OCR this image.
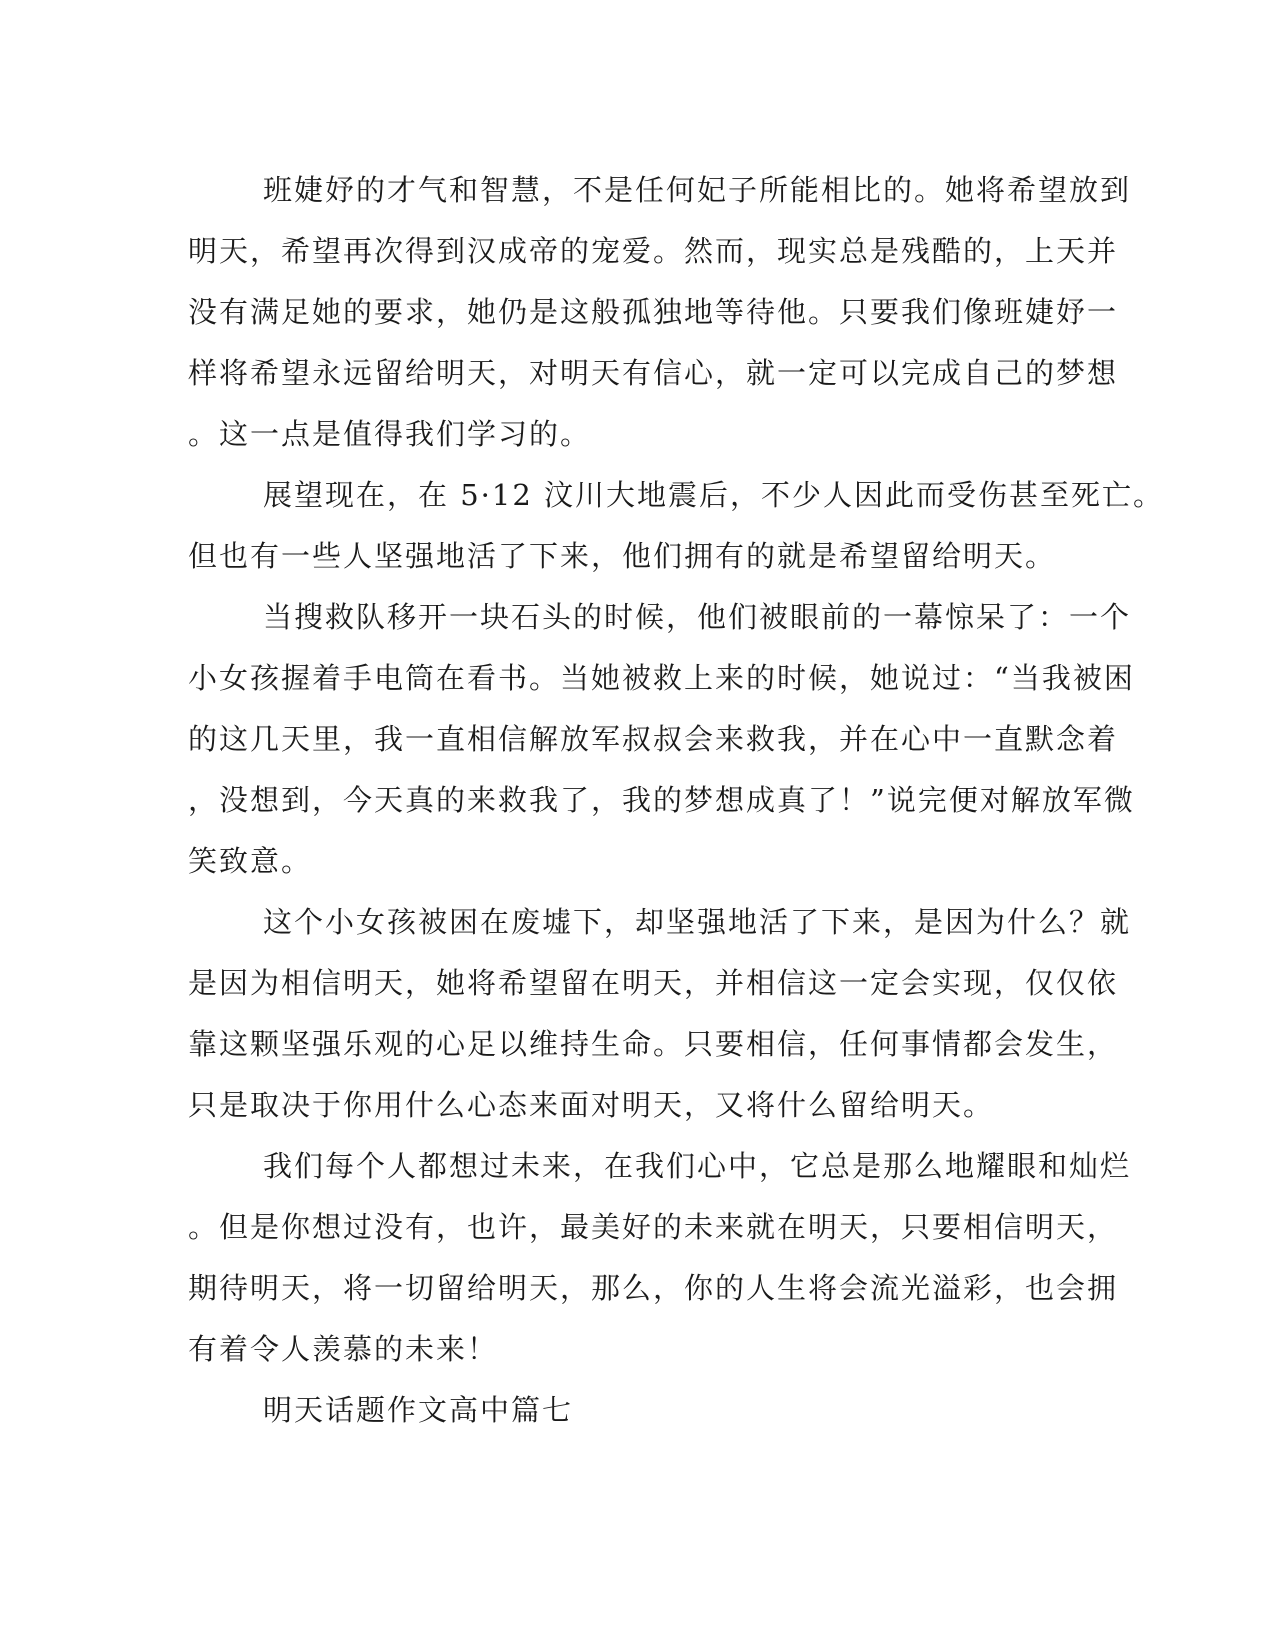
班婕妤的才气和智慧，不是任何妃子所能相比的。她将希望放到
明天，希望再次得到汉成帝的宠爱。然而，现实总是残酷的，上天并
没有满足她的要求，她仍是这般孤独地等待他。只要我们像班婕妤一
样将希望永远留给明天，对明天有信心，就一定可以完成自己的梦想
。这一点是值得我们学习的。
展望现在，在 5·12 汶川大地震后，不少人因此而受伤甚至死亡。
但也有一些人坚强地活了下来，他们拥有的就是希望留给明天。
当搜救队移开一块石头的时候，他们被眼前的一幕惊呆了：一个
小女孩握着手电筒在看书。当她被救上来的时候，她说过：“当我被困
的这几天里，我一直相信解放军叔叔会来救我，并在心中一直默念着
，没想到，今天真的来救我了，我的梦想成真了！”说完便对解放军微
笑致意。
这个小女孩被困在废墟下，却坚强地活了下来，是因为什么？就
是因为相信明天，她将希望留在明天，并相信这一定会实现，仅仅依
靠这颗坚强乐观的心足以维持生命。只要相信，任何事情都会发生，
只是取决于你用什么心态来面对明天，又将什么留给明天。
我们每个人都想过未来，在我们心中，它总是那么地耀眼和灿烂
。但是你想过没有，也许，最美好的未来就在明天，只要相信明天，
期待明天，将一切留给明天，那么，你的人生将会流光溢彩，也会拥
有着令人羡慕的未来！
明天话题作文高中篇七
